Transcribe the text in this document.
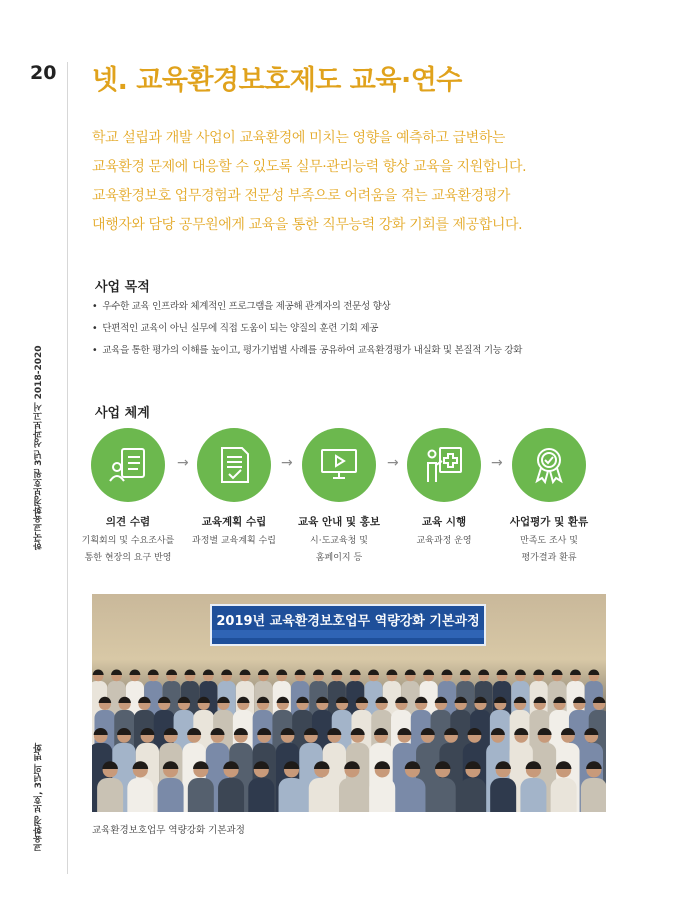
20
한국교육환경보호원 3년 성과보고서 2018-2020
교육환경 보호, 3년의 변화
넷. 교육환경보호제도 교육·연수

학교 설립과 개발 사업이 교육환경에 미치는 영향을 예측하고 급변하는

교육환경 문제에 대응할 수 있도록 실무·관리능력 향상 교육을 지원합니다.

교육환경보호 업무경험과 전문성 부족으로 어려움을 겪는 교육환경평가

대행자와 담당 공무원에게 교육을 통한 직무능력 강화 기회를 제공합니다.

사업 목적
• 우수한 교육 인프라와 체계적인 프로그램을 제공해 관계자의 전문성 향상
• 단편적인 교육이 아닌 실무에 직접 도움이 되는 양질의 훈련 기회 제공
• 교육을 통한 평가의 이해를 높이고, 평가기법별 사례를 공유하여 교육환경평가 내실화 및 본질적 기능 강화
사업 체계
의견 수렴
기획회의 및 수요조사를
통한 현장의 요구 반영
→
교육계획 수립
과정별 교육계획 수립
→
교육 안내 및 홍보
시·도교육청 및
홈페이지 등
→
교육 시행
교육과정 운영
→
사업평가 및 환류
만족도 조사 및
평가결과 환류
2019년 교육환경보호업무 역량강화 기본과정
교육환경보호업무 역량강화 기본과정
